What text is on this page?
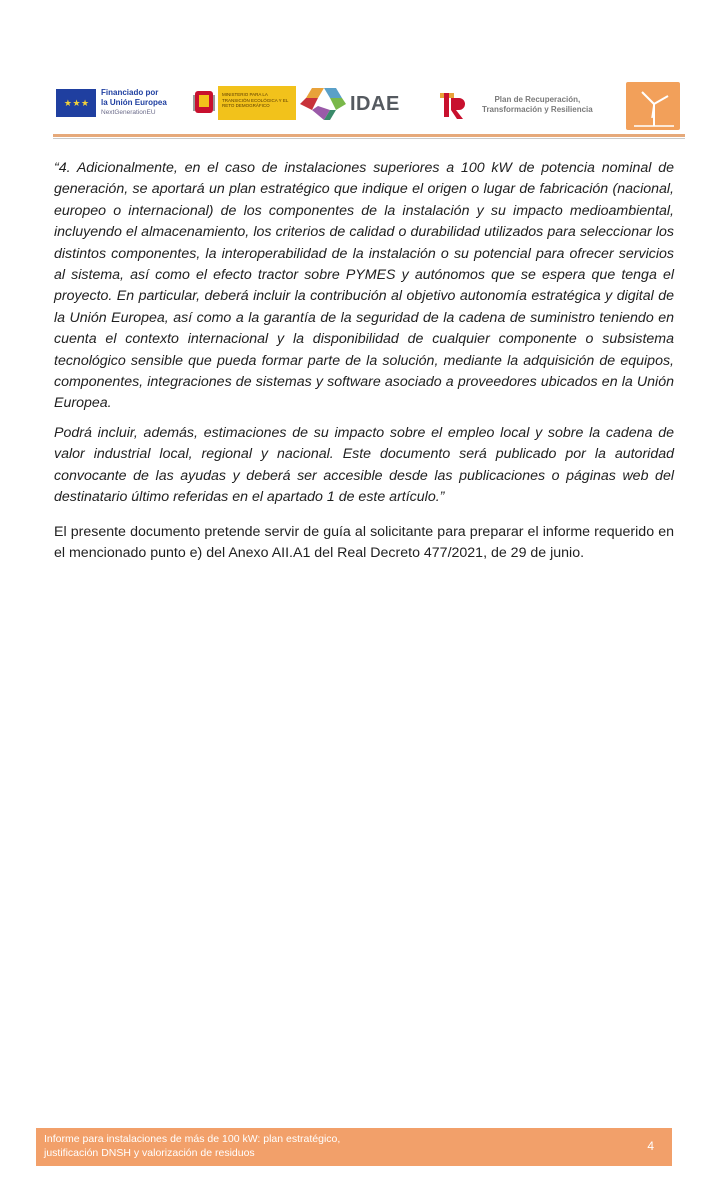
★ ★ ★
Financiado por
la Unión Europea
NextGenerationEU
MINISTERIO PARA LA TRANSICIÓN ECOLÓGICA Y EL RETO DEMOGRÁFICO	IDAE	Plan de Recuperación,
Transformación y Resiliencia

“4. Adicionalmente, en el caso de instalaciones superiores a 100 kW de potencia nominal de generación, se aportará un plan estratégico que indique el origen o lugar de fabricación (nacional, europeo o internacional) de los componentes de la instalación y su impacto medioambiental, incluyendo el almacenamiento, los criterios de calidad o durabilidad utilizados para seleccionar los distintos componentes, la interoperabilidad de la instalación o su potencial para ofrecer servicios al sistema, así como el efecto tractor sobre PYMES y autónomos que se espera que tenga el proyecto. En particular, deberá incluir la contribución al objetivo autonomía estratégica y digital de la Unión Europea, así como a la garantía de la seguridad de la cadena de suministro teniendo en cuenta el contexto internacional y la disponibilidad de cualquier componente o subsistema tecnológico sensible que pueda formar parte de la solución, mediante la adquisición de equipos, componentes, integraciones de sistemas y software asociado a proveedores ubicados en la Unión Europea.

Podrá incluir, además, estimaciones de su impacto sobre el empleo local y sobre la cadena de valor industrial local, regional y nacional. Este documento será publicado por la autoridad convocante de las ayudas y deberá ser accesible desde las publicaciones o páginas web del destinatario último referidas en el apartado 1 de este artículo.”

El presente documento pretende servir de guía al solicitante para preparar el informe requerido en el mencionado punto e) del Anexo AII.A1 del Real Decreto 477/2021, de 29 de junio.

Informe para instalaciones de más de 100 kW: plan estratégico,
justificación DNSH y valorización de residuos	4
